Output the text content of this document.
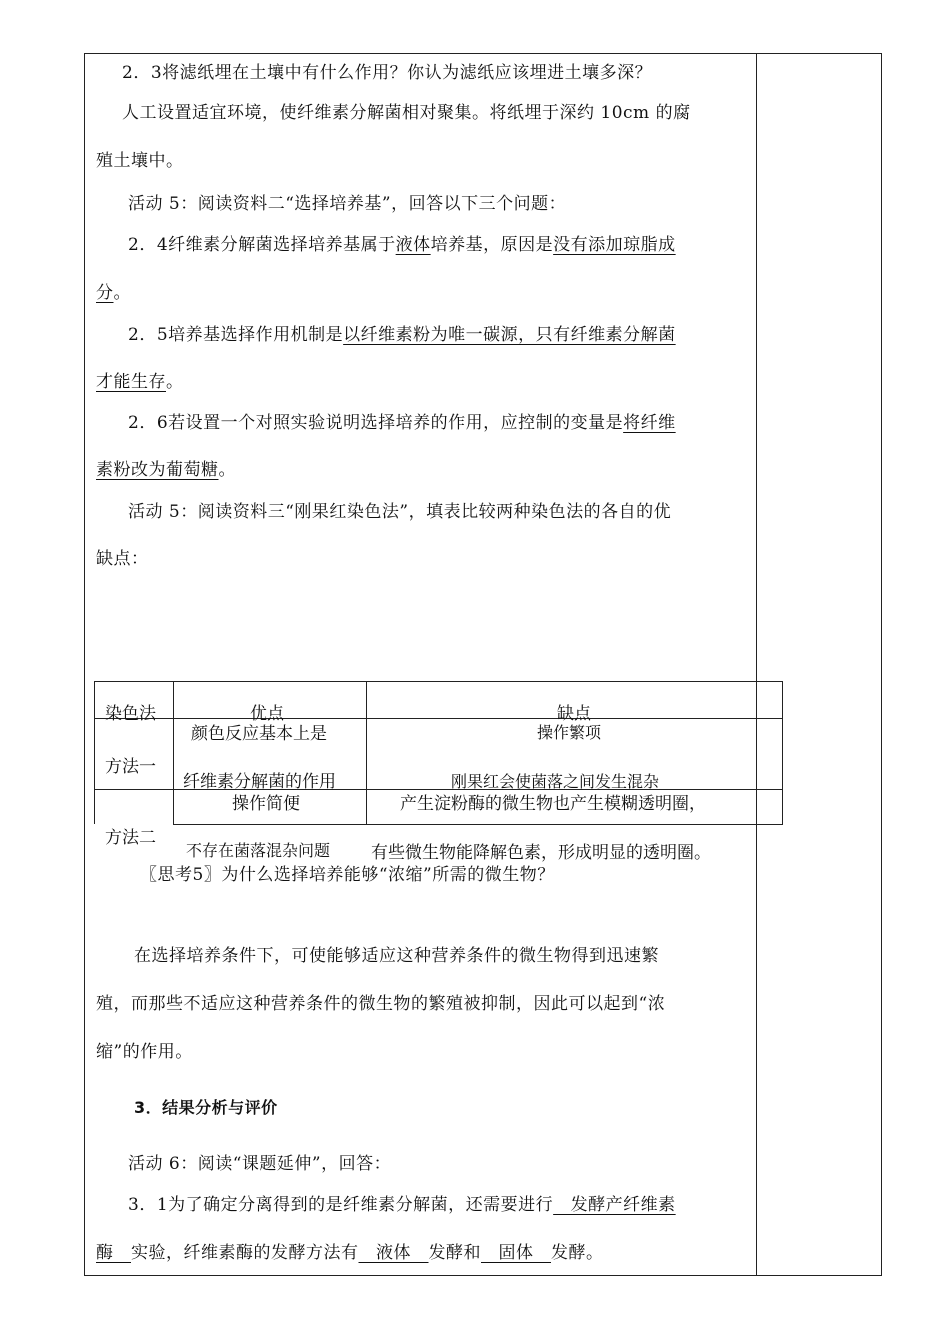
2．3将滤纸埋在土壤中有什么作用？你认为滤纸应该埋进土壤多深？
人工设置适宜环境，使纤维素分解菌相对聚集。将纸埋于深约 10cm 的腐
殖土壤中。
活动 5：阅读资料二“选择培养基”，回答以下三个问题：
2．4纤维素分解菌选择培养基属于液体培养基，原因是没有添加琼脂成
分。
2．5培养基选择作用机制是以纤维素粉为唯一碳源，只有纤维素分解菌
才能生存。
2．6若设置一个对照实验说明选择培养的作用，应控制的变量是将纤维
素粉改为葡萄糖。
活动 5：阅读资料三“刚果红染色法”，填表比较两种染色法的各自的优
缺点：
染色法	优点	缺点
方法一
颜色反应基本上是
纤维素分解菌的作用
操作繁项
刚果红会使菌落之间发生混杂
方法二
操作简便
不存在菌落混杂问题
产生淀粉酶的微生物也产生模糊透明圈，
有些微生物能降解色素，形成明显的透明圈。
〖思考5〗为什么选择培养能够“浓缩”所需的微生物？
在选择培养条件下，可使能够适应这种营养条件的微生物得到迅速繁
殖，而那些不适应这种营养条件的微生物的繁殖被抑制，因此可以起到“浓
缩”的作用。
3．结果分析与评价
活动 6：阅读“课题延伸”，回答：
3．1为了确定分离得到的是纤维素分解菌，还需要进行　发酵产纤维素
酶　实验，纤维素酶的发酵方法有　液体　发酵和　固体　发酵。
